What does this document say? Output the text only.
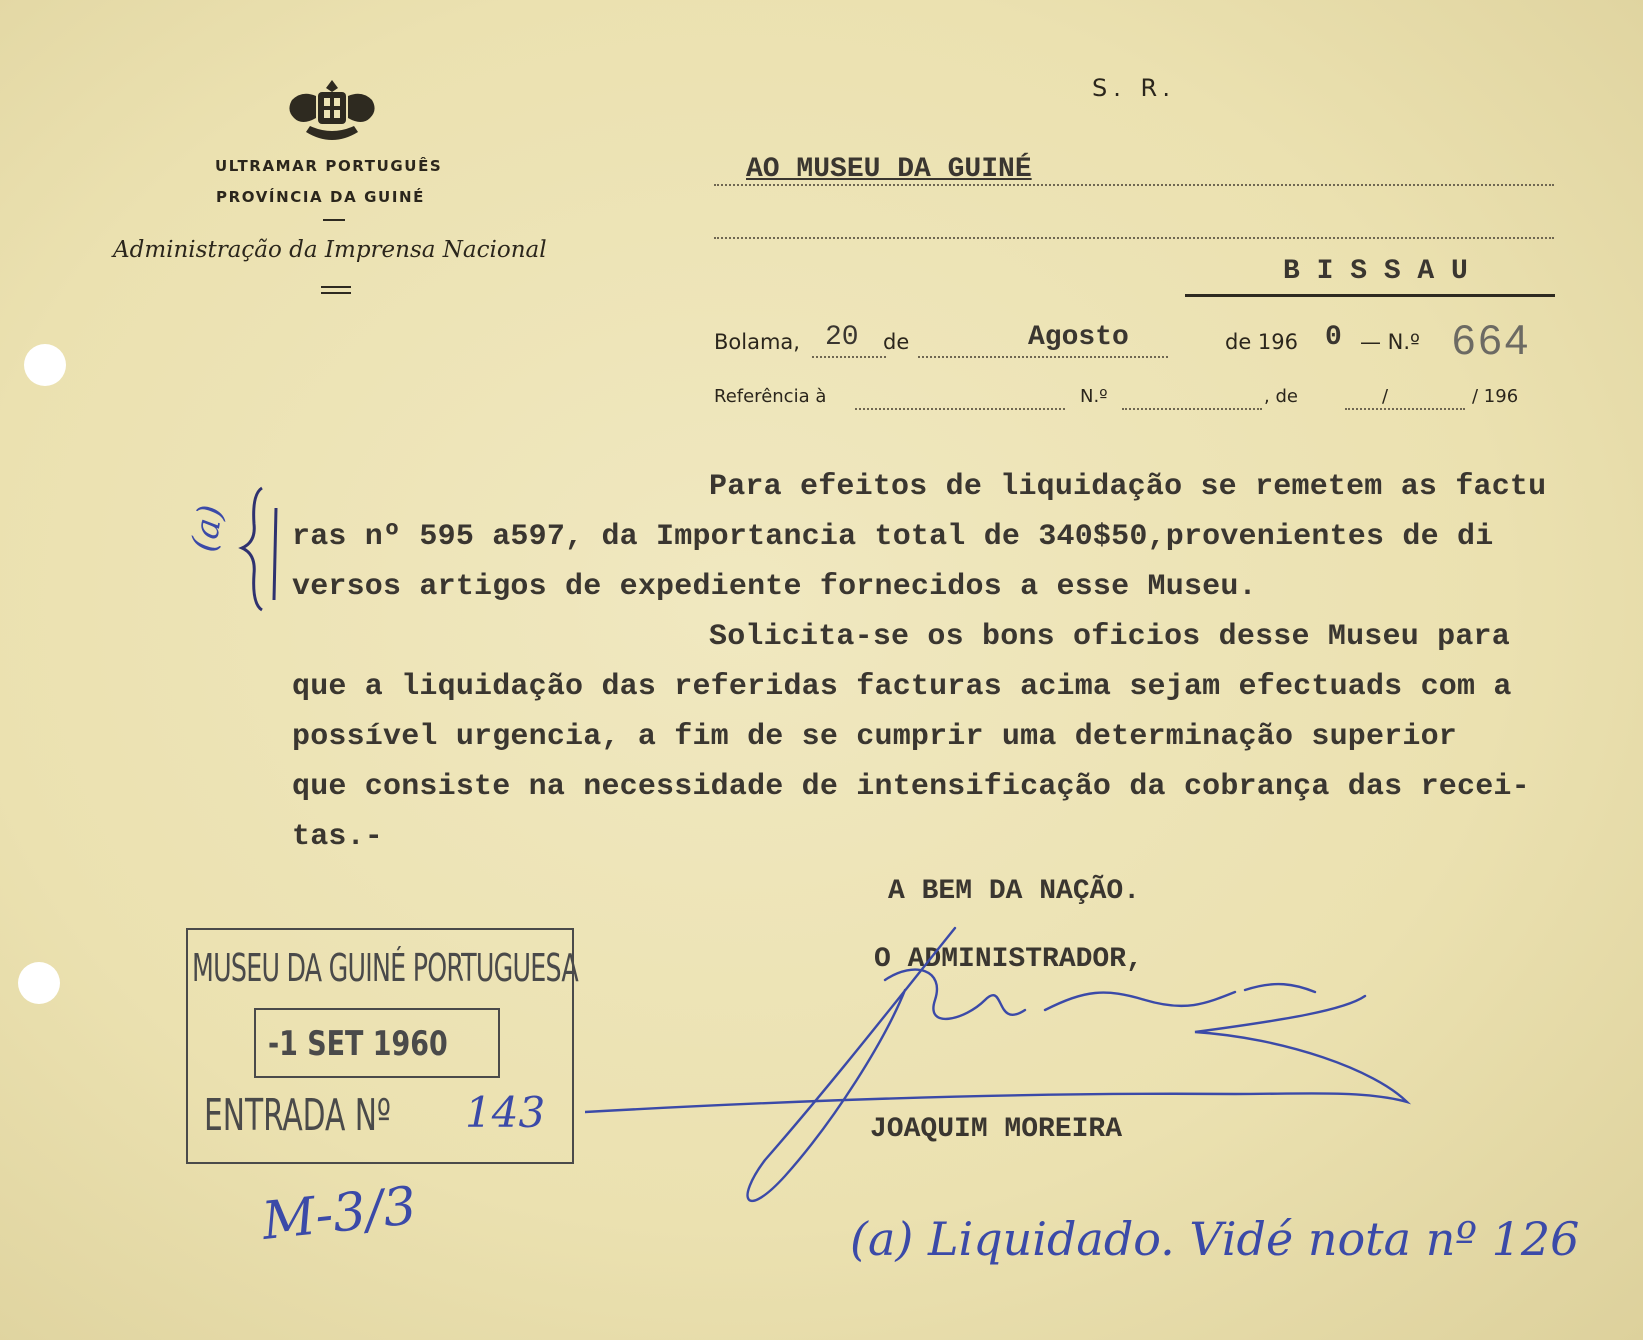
ULTRAMAR PORTUGUÊS
PROVÍNCIA DA GUINÉ
Administração da Imprensa Nacional
S. R.
AO MUSEU DA GUINÉ
B I S S A U
Bolama, 20 de	Agosto	de 196 0 — N.º 664
Referência à	N.º	, de	/	/ 196
Para efeitos de liquidação se remetem as factu
ras nº 595 a597, da Importancia total de 340$50,provenientes de di
versos artigos de expediente fornecidos a esse Museu.
Solicita-se os bons oficios desse Museu para
que a liquidação das referidas facturas acima sejam efectuads com a
possível urgencia, a fim de se cumprir uma determinação superior
que consiste na necessidade de intensificação da cobrança das recei-
tas.-
(a)
A BEM DA NAÇÃO.
O ADMINISTRADOR,
JOAQUIM MOREIRA
MUSEU DA GUINÉ PORTUGUESA
-1 SET 1960
ENTRADA Nº 143
M-3/3	(a) Liquidado. Vidé nota nº 126
